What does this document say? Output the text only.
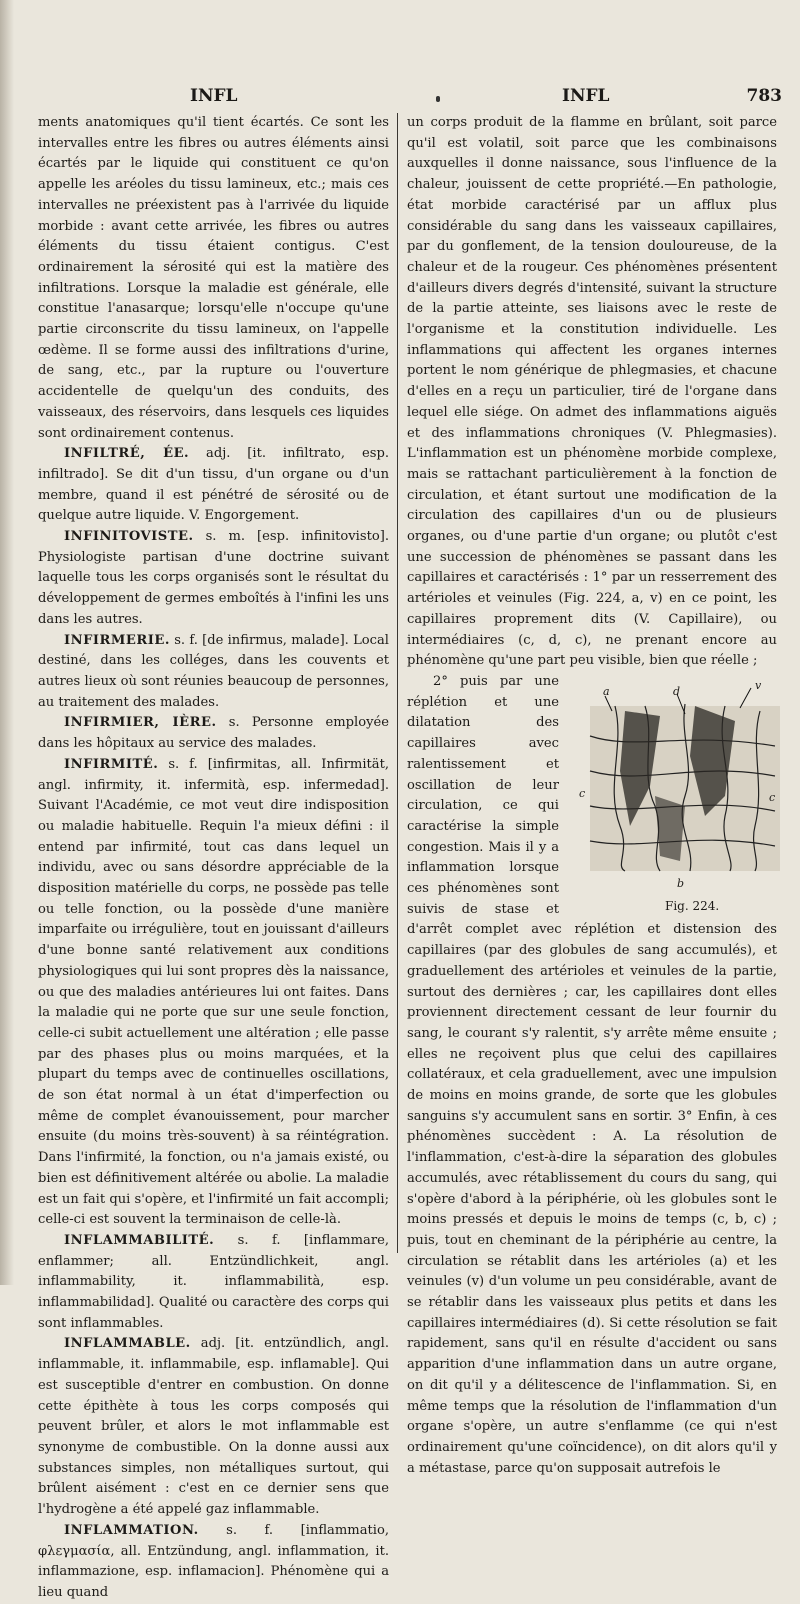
INFL	INFL	783

ments anatomiques qu'il tient écartés. Ce sont les intervalles entre les fibres ou autres éléments ainsi écartés par le liquide qui constituent ce qu'on appelle les aréoles du tissu lamineux, etc.; mais ces intervalles ne préexistent pas à l'arrivée du liquide morbide : avant cette arrivée, les fibres ou autres éléments du tissu étaient contigus. C'est ordinairement la sérosité qui est la matière des infiltrations. Lorsque la maladie est générale, elle constitue l'anasarque; lorsqu'elle n'occupe qu'une partie circonscrite du tissu lamineux, on l'appelle œdème. Il se forme aussi des infiltrations d'urine, de sang, etc., par la rupture ou l'ouverture accidentelle de quelqu'un des conduits, des vaisseaux, des réservoirs, dans lesquels ces liquides sont ordinairement contenus.

INFILTRÉ, ÉE. adj. [it. infiltrato, esp. infiltrado]. Se dit d'un tissu, d'un organe ou d'un membre, quand il est pénétré de sérosité ou de quelque autre liquide. V. Engorgement.

INFINITOVISTE. s. m. [esp. infinitovisto]. Physiologiste partisan d'une doctrine suivant laquelle tous les corps organisés sont le résultat du développement de germes emboîtés à l'infini les uns dans les autres.

INFIRMERIE. s. f. [de infirmus, malade]. Local destiné, dans les colléges, dans les couvents et autres lieux où sont réunies beaucoup de personnes, au traitement des malades.

INFIRMIER, IÈRE. s. Personne employée dans les hôpitaux au service des malades.

INFIRMITÉ. s. f. [infirmitas, all. Infirmität, angl. infirmity, it. infermità, esp. infermedad]. Suivant l'Académie, ce mot veut dire indisposition ou maladie habituelle. Requin l'a mieux défini : il entend par infirmité, tout cas dans lequel un individu, avec ou sans désordre appréciable de la disposition matérielle du corps, ne possède pas telle ou telle fonction, ou la possède d'une manière imparfaite ou irrégulière, tout en jouissant d'ailleurs d'une bonne santé relativement aux conditions physiologiques qui lui sont propres dès la naissance, ou que des maladies antérieures lui ont faites. Dans la maladie qui ne porte que sur une seule fonction, celle-ci subit actuellement une altération ; elle passe par des phases plus ou moins marquées, et la plupart du temps avec de continuelles oscillations, de son état normal à un état d'imperfection ou même de complet évanouissement, pour marcher ensuite (du moins très-souvent) à sa réintégration. Dans l'infirmité, la fonction, ou n'a jamais existé, ou bien est définitivement altérée ou abolie. La maladie est un fait qui s'opère, et l'infirmité un fait accompli; celle-ci est souvent la terminaison de celle-là.

INFLAMMABILITÉ. s. f. [inflammare, enflammer; all. Entzündlichkeit, angl. inflammability, it. inflammabilità, esp. inflammabilidad]. Qualité ou caractère des corps qui sont inflammables.

INFLAMMABLE. adj. [it. entzündlich, angl. inflammable, it. inflammabile, esp. inflamable]. Qui est susceptible d'entrer en combustion. On donne cette épithète à tous les corps composés qui peuvent brûler, et alors le mot inflammable est synonyme de combustible. On la donne aussi aux substances simples, non métalliques surtout, qui brûlent aisément : c'est en ce dernier sens que l'hydrogène a été appelé gaz inflammable.

INFLAMMATION. s. f. [inflammatio, φλεγμασία, all. Entzündung, angl. inflammation, it. inflammazione, esp. inflamacion]. Phénomène qui a lieu quand

un corps produit de la flamme en brûlant, soit parce qu'il est volatil, soit parce que les combinaisons auxquelles il donne naissance, sous l'influence de la chaleur, jouissent de cette propriété.—En pathologie, état morbide caractérisé par un afflux plus considérable du sang dans les vaisseaux capillaires, par du gonflement, de la tension douloureuse, de la chaleur et de la rougeur. Ces phénomènes présentent d'ailleurs divers degrés d'intensité, suivant la structure de la partie atteinte, ses liaisons avec le reste de l'organisme et la constitution individuelle. Les inflammations qui affectent les organes internes portent le nom générique de phlegmasies, et chacune d'elles en a reçu un particulier, tiré de l'organe dans lequel elle siége. On admet des inflammations aiguës et des inflammations chroniques (V. Phlegmasies). L'inflammation est un phénomène morbide complexe, mais se rattachant particulièrement à la fonction de circulation, et étant surtout une modification de la circulation des capillaires d'un ou de plusieurs organes, ou d'une partie d'un organe; ou plutôt c'est une succession de phénomènes se passant dans les capillaires et caractérisés : 1° par un resserrement des artérioles et veinules (Fig. 224, a, v) en ce point, les capillaires proprement dits (V. Capillaire), ou intermédiaires (c, d, c), ne prenant encore au phénomène qu'une part peu visible, bien que réelle ;

a	d	v
c	c
b
Fig. 224.

2° puis par une réplétion et une dilatation des capillaires avec ralentissement et oscillation de leur circulation, ce qui caractérise la simple congestion. Mais il y a inflammation lorsque ces phénomènes sont suivis de stase et d'arrêt complet avec réplétion et distension des capillaires (par des globules de sang accumulés), et graduellement des artérioles et veinules de la partie, surtout des dernières ; car, les capillaires dont elles proviennent directement cessant de leur fournir du sang, le courant s'y ralentit, s'y arrête même ensuite ; elles ne reçoivent plus que celui des capillaires collatéraux, et cela graduellement, avec une impulsion de moins en moins grande, de sorte que les globules sanguins s'y accumulent sans en sortir. 3° Enfin, à ces phénomènes succèdent : A. La résolution de l'inflammation, c'est-à-dire la séparation des globules accumulés, avec rétablissement du cours du sang, qui s'opère d'abord à la périphérie, où les globules sont le moins pressés et depuis le moins de temps (c, b, c) ; puis, tout en cheminant de la périphérie au centre, la circulation se rétablit dans les artérioles (a) et les veinules (v) d'un volume un peu considérable, avant de se rétablir dans les vaisseaux plus petits et dans les capillaires intermédiaires (d). Si cette résolution se fait rapidement, sans qu'il en résulte d'accident ou sans apparition d'une inflammation dans un autre organe, on dit qu'il y a délitescence de l'inflammation. Si, en même temps que la résolution de l'inflammation d'un organe s'opère, un autre s'enflamme (ce qui n'est ordinairement qu'une coïncidence), on dit alors qu'il y a métastase, parce qu'on supposait autrefois le
